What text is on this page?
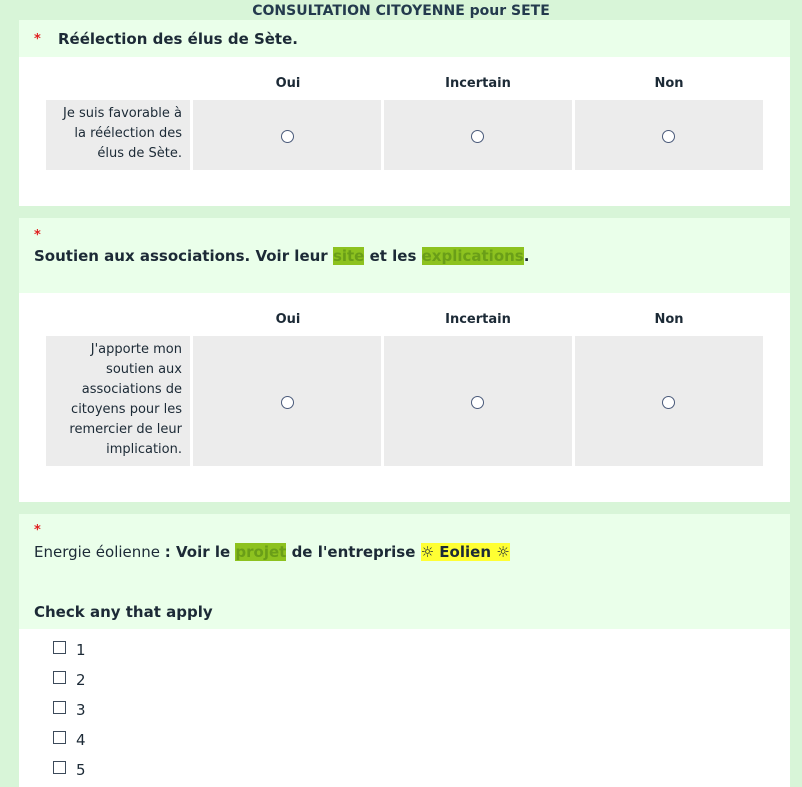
CONSULTATION CITOYENNE pour SETE
* Réélection des élus de Sète.
Oui	Incertain	Non
Je suis favorable à la réélection des élus de Sète.
*
Soutien aux associations. Voir leur site et les explications.
Oui	Incertain	Non
J'apporte mon soutien aux associations de citoyens pour les remercier de leur implication.
*
Energie éolienne : Voir le projet de l'entreprise ☼ Eolien ☼
Check any that apply
1
2
3
4
5
